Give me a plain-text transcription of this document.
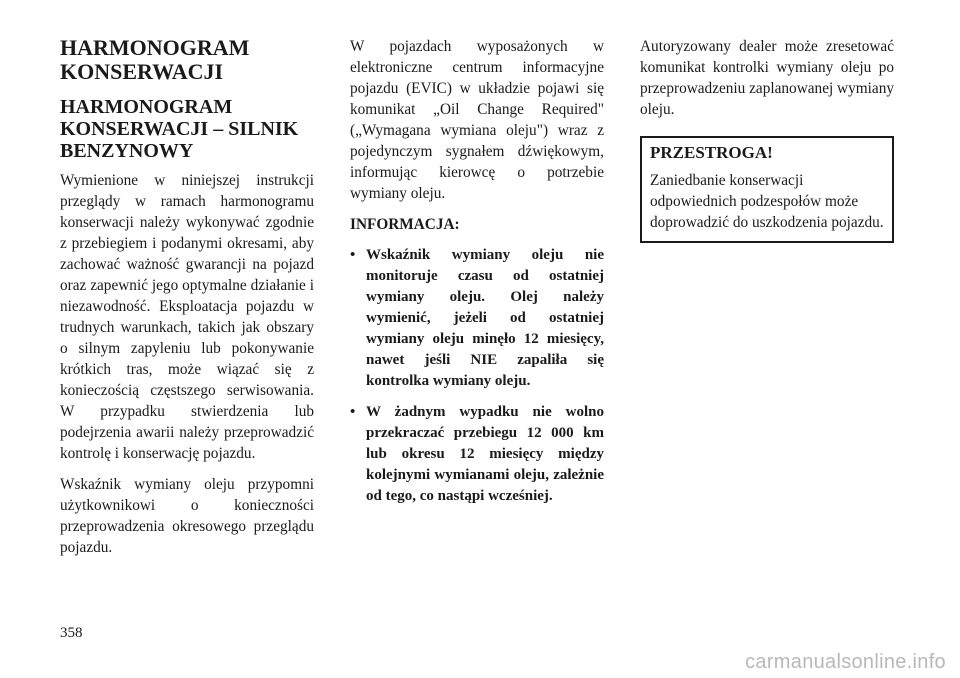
HARMONOGRAM KONSERWACJI
HARMONOGRAM KONSERWACJI – SILNIK BENZYNOWY

Wymienione w niniejszej instrukcji przeglądy w ramach harmonogramu konserwacji należy wykonywać zgodnie z przebiegiem i podanymi okresami, aby zachować ważność gwarancji na pojazd oraz zapewnić jego optymalne działanie i niezawodność. Eksploatacja pojazdu w trudnych warunkach, takich jak obszary o silnym zapyleniu lub pokonywanie krótkich tras, może wiązać się z konieczością częstszego serwisowania. W przypadku stwierdzenia lub podejrzenia awarii należy przeprowadzić kontrolę i konserwację pojazdu.

Wskaźnik wymiany oleju przypomni użytkownikowi o konieczności przeprowadzenia okresowego przeglądu pojazdu.

W pojazdach wyposażonych w elektroniczne centrum informacyjne pojazdu (EVIC) w układzie pojawi się komunikat „Oil Change Required" („Wymagana wymiana oleju") wraz z pojedynczym sygnałem dźwiękowym, informując kierowcę o potrzebie wymiany oleju.

INFORMACJA:
• Wskaźnik wymiany oleju nie monitoruje czasu od ostatniej wymiany oleju. Olej należy wymienić, jeżeli od ostatniej wymiany oleju minęło 12 miesięcy, nawet jeśli NIE zapaliła się kontrolka wymiany oleju.
• W żadnym wypadku nie wolno przekraczać przebiegu 12 000 km lub okresu 12 miesięcy między kolejnymi wymianami oleju, zależnie od tego, co nastąpi wcześniej.

Autoryzowany dealer może zresetować komunikat kontrolki wymiany oleju po przeprowadzeniu zaplanowanej wymiany oleju.

PRZESTROGA!

Zaniedbanie konserwacji odpowiednich podzespołów może doprowadzić do uszkodzenia pojazdu.

358
carmanualsonline.info
